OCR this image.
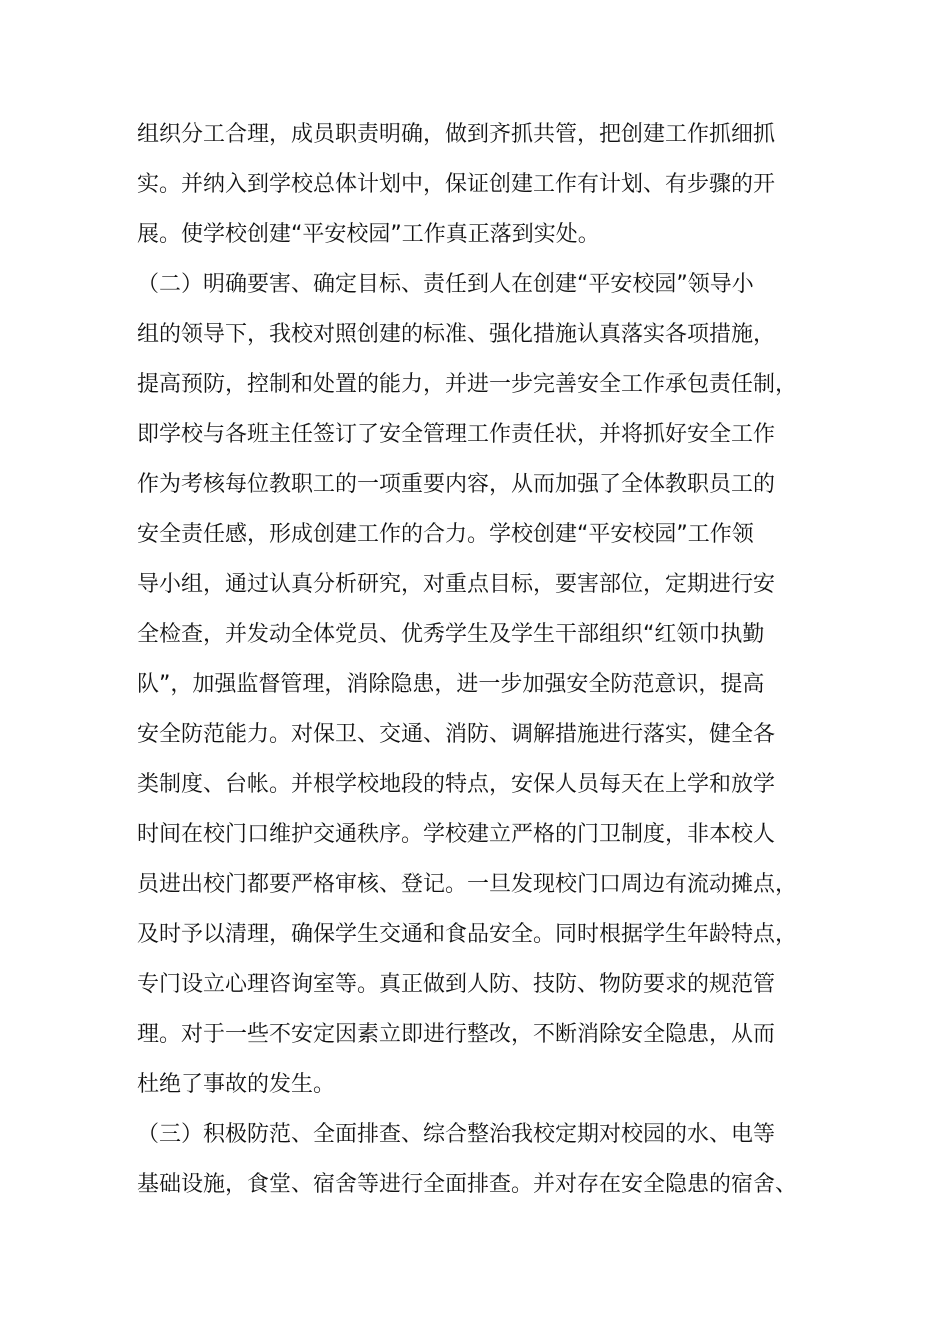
组织分工合理，成员职责明确，做到齐抓共管，把创建工作抓细抓
实。并纳入到学校总体计划中，保证创建工作有计划、有步骤的开
展。使学校创建“平安校园”工作真正落到实处。
（二）明确要害、确定目标、责任到人在创建“平安校园”领导小
组的领导下，我校对照创建的标准、强化措施认真落实各项措施，
提高预防，控制和处置的能力，并进一步完善安全工作承包责任制，
即学校与各班主任签订了安全管理工作责任状，并将抓好安全工作
作为考核每位教职工的一项重要内容，从而加强了全体教职员工的
安全责任感，形成创建工作的合力。学校创建“平安校园”工作领
导小组，通过认真分析研究，对重点目标，要害部位，定期进行安
全检查，并发动全体党员、优秀学生及学生干部组织“红领巾执勤
队”，加强监督管理，消除隐患，进一步加强安全防范意识，提高
安全防范能力。对保卫、交通、消防、调解措施进行落实，健全各
类制度、台帐。并根学校地段的特点，安保人员每天在上学和放学
时间在校门口维护交通秩序。学校建立严格的门卫制度，非本校人
员进出校门都要严格审核、登记。一旦发现校门口周边有流动摊点，
及时予以清理，确保学生交通和食品安全。同时根据学生年龄特点，
专门设立心理咨询室等。真正做到人防、技防、物防要求的规范管
理。对于一些不安定因素立即进行整改，不断消除安全隐患，从而
杜绝了事故的发生。
（三）积极防范、全面排查、综合整治我校定期对校园的水、电等
基础设施，食堂、宿舍等进行全面排查。并对存在安全隐患的宿舍、
